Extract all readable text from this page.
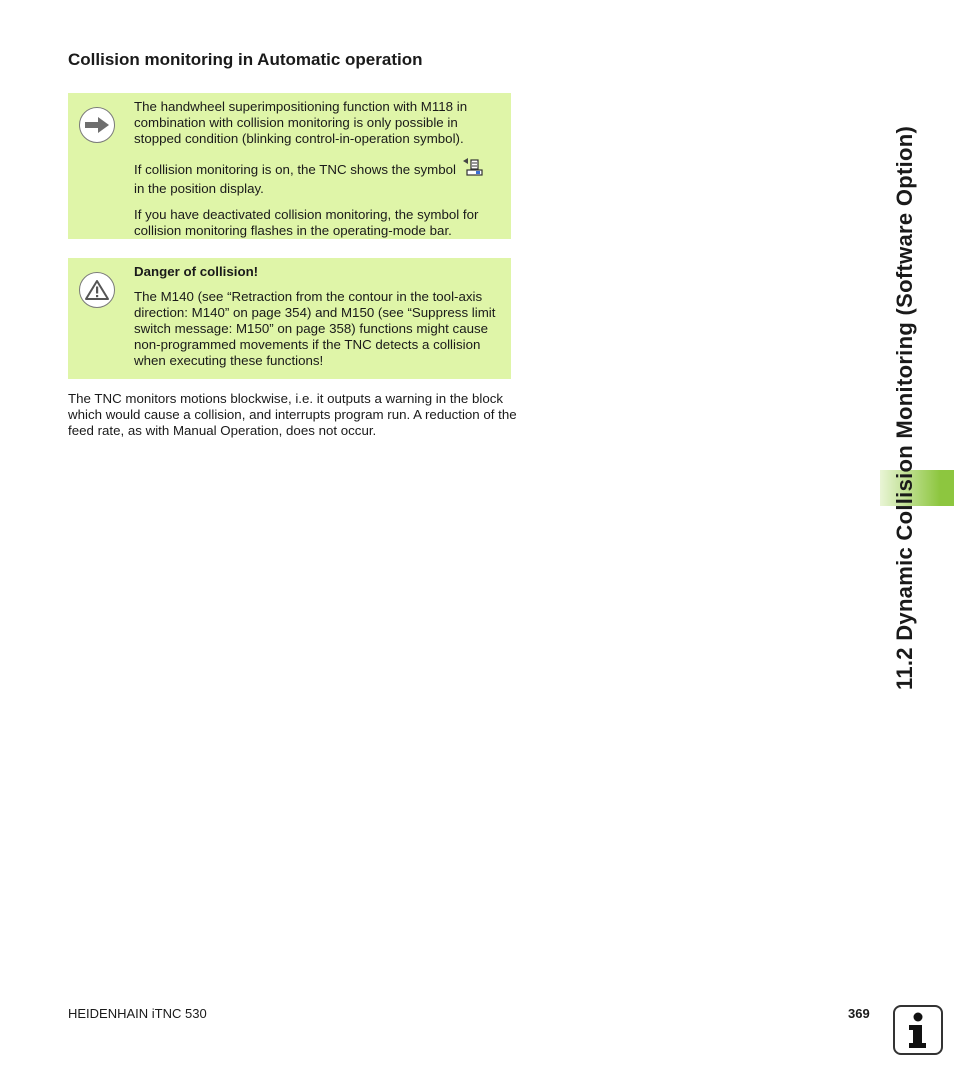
Collision monitoring in Automatic operation

The handwheel superimpositioning function with M118 in combination with collision monitoring is only possible in stopped condition (blinking control-in-operation symbol).

If collision monitoring is on, the TNC shows the symbol
in the position display.

If you have deactivated collision monitoring, the symbol for collision monitoring flashes in the operating-mode bar.

Danger of collision!

The M140 (see “Retraction from the contour in the tool-axis direction: M140” on page 354) and M150 (see “Suppress limit switch message: M150” on page 358) functions might cause non-programmed movements if the TNC detects a collision when executing these functions!

The TNC monitors motions blockwise, i.e. it outputs a warning in the block which would cause a collision, and interrupts program run. A reduction of the feed rate, as with Manual Operation, does not occur.	11.2 Dynamic Collision Monitoring (Software Option)
HEIDENHAIN iTNC 530	369
